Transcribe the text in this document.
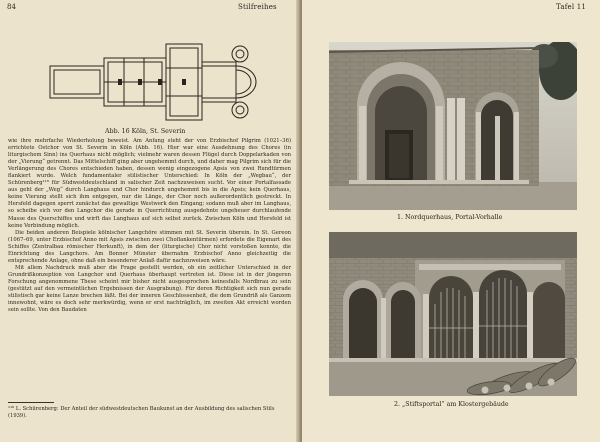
84	Stilfreihes
Abb. 16 Köln, St. Severin

wie ihre mehrfache Wiederholung beweist. Am Anfang steht der von Erzbischof Pilgrim (1021–36) errichtete Ostchor von St. Severin in Köln (Abb. 16). Hier war eine Ausdehnung des Chores (in liturgischem Sinn) ins Querhaus nicht möglich; vielmehr waren dessen Flügel durch Doppelarkaden von der „Vierung“ getrennt. Das Mittelschiff ging aber ungehemmt durch, und daher mag Pilgrim sich für die Verlängerung des Chores entschieden haben, dessen wenig eingezogene Apsis von zwei Rundtürmen flankiert wurde. Welch fundamentaler stilistischer Unterschied: In Köln der „Wegbau“, der Schürenberg¹¹⁶ für Südwestdeutschland in salischer Zeit nachzuweisen sucht. Vor einer Portalfassade aus geht der „Weg“ durch Langhaus und Chor hindurch ungehemmt bis in die Apsis; kein Querhaus, keine Vierung stellt sich ihm entgegen, nur die Länge, der Chor noch außerordentlich gestreckt. In Hersfeld dagegen sperrt zunächst das gewaltige Westwerk den Eingang; sodann muß aber im Langhaus, so scheibe sich vor den Langchor die gerade in Querrichtung ausgedehnte ungeheuer durchlaufende Masse des Querschiffes und wirft das Langhaus auf sich selbst zurück. Zwischen Köln und Hersfeld ist keine Verbindung möglich.

Die beiden anderen Beispiele kölnischer Langchöre stimmen mit St. Severin überein. In St. Gereon (1067–69, unter Erzbischof Anno mit Apsis zwischen zwei Choflankentürmen) erfordete die Eigenart des Schiffes (Zentralbau römischer Herkunft), in dem der (liturgische) Chor nicht vorstoßen konnte, die Einrichtung des Langchors. Am Bonner Münster übernahm Erzbischof Anno gleichzeitig die entsprechende Anlage, ohne daß ein besonderer Anlaß dafür nachzuweisen wäre.

Mit allem Nachdruck muß aber die Frage gestellt werden, ob ein zeitlicher Unterschied in der Grundrißkonzeption von Langchor und Querhaus überhaupt vertreten ist. Diese ist in der jüngeren Forschung angenommene These scheint mir bisher nicht ausgesprochen keinesfalls Nordbrau zu sein (gestützt auf den vermeintlichen Ergebnissen der Ausgrabung). Für deren Richtigkeit sich nun gerade stilistisch gar keine Lanze brechen läßt. Bei der inneren Geschlossenheit, die dem Grundriß als Ganzem innewohnt, wäre es doch sehr merkwürdig, wenn er erst nachträglich, im zweiten Akt erreicht worden sein sollte. Von den Baudaten

¹¹⁶ L. Schürenberg: Der Anteil der südwestdeutschen Baukunst an der Ausbildung des salischen Stils (1939).
Tafel 11
1. Nordquerhaus, Portal-Vorhalle
2. „Stiftsportal“ am Klostergebäude
